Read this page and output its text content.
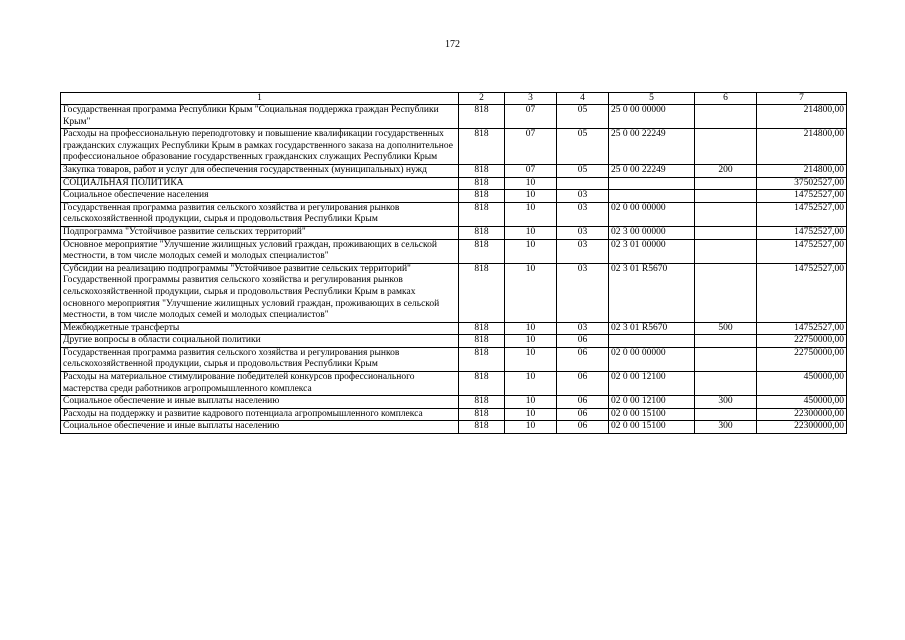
172
1	2	3	4	5	6	7
Государственная программа Республики Крым "Социальная поддержка граждан Республики Крым"	818	07	05	25 0 00 00000		214800,00
Расходы на профессиональную переподготовку и повышение квалификации государственных гражданских служащих Республики Крым в рамках государственного заказа на дополнительное профессиональное образование государственных гражданских служащих Республики Крым	818	07	05	25 0 00 22249		214800,00
Закупка товаров, работ и услуг для обеспечения государственных (муниципальных) нужд	818	07	05	25 0 00 22249	200	214800,00
СОЦИАЛЬНАЯ ПОЛИТИКА	818	10				37502527,00
Социальное обеспечение населения	818	10	03			14752527,00
Государственная программа развития сельского хозяйства и регулирования рынков сельскохозяйственной продукции, сырья и продовольствия Республики Крым	818	10	03	02 0 00 00000		14752527,00
Подпрограмма "Устойчивое развитие сельских территорий"	818	10	03	02 3 00 00000		14752527,00
Основное мероприятие "Улучшение жилищных условий граждан, проживающих в сельской местности, в том числе молодых семей и молодых специалистов"	818	10	03	02 3 01 00000		14752527,00
Субсидии на реализацию подпрограммы "Устойчивое развитие сельских территорий" Государственной программы развития сельского хозяйства и регулирования рынков сельскохозяйственной продукции, сырья и продовольствия Республики Крым в рамках основного мероприятия "Улучшение жилищных условий граждан, проживающих в сельской местности, в том числе молодых семей и молодых специалистов"	818	10	03	02 3 01 R5670		14752527,00
Межбюджетные трансферты	818	10	03	02 3 01 R5670	500	14752527,00
Другие вопросы в области социальной политики	818	10	06			22750000,00
Государственная программа развития сельского хозяйства и регулирования рынков сельскохозяйственной продукции, сырья и продовольствия Республики Крым	818	10	06	02 0 00 00000		22750000,00
Расходы на материальное стимулирование победителей конкурсов профессионального мастерства среди работников агропромышленного комплекса	818	10	06	02 0 00 12100		450000,00
Социальное обеспечение и иные выплаты населению	818	10	06	02 0 00 12100	300	450000,00
Расходы на поддержку и развитие кадрового потенциала агропромышленного комплекса	818	10	06	02 0 00 15100		22300000,00
Социальное обеспечение и иные выплаты населению	818	10	06	02 0 00 15100	300	22300000,00
